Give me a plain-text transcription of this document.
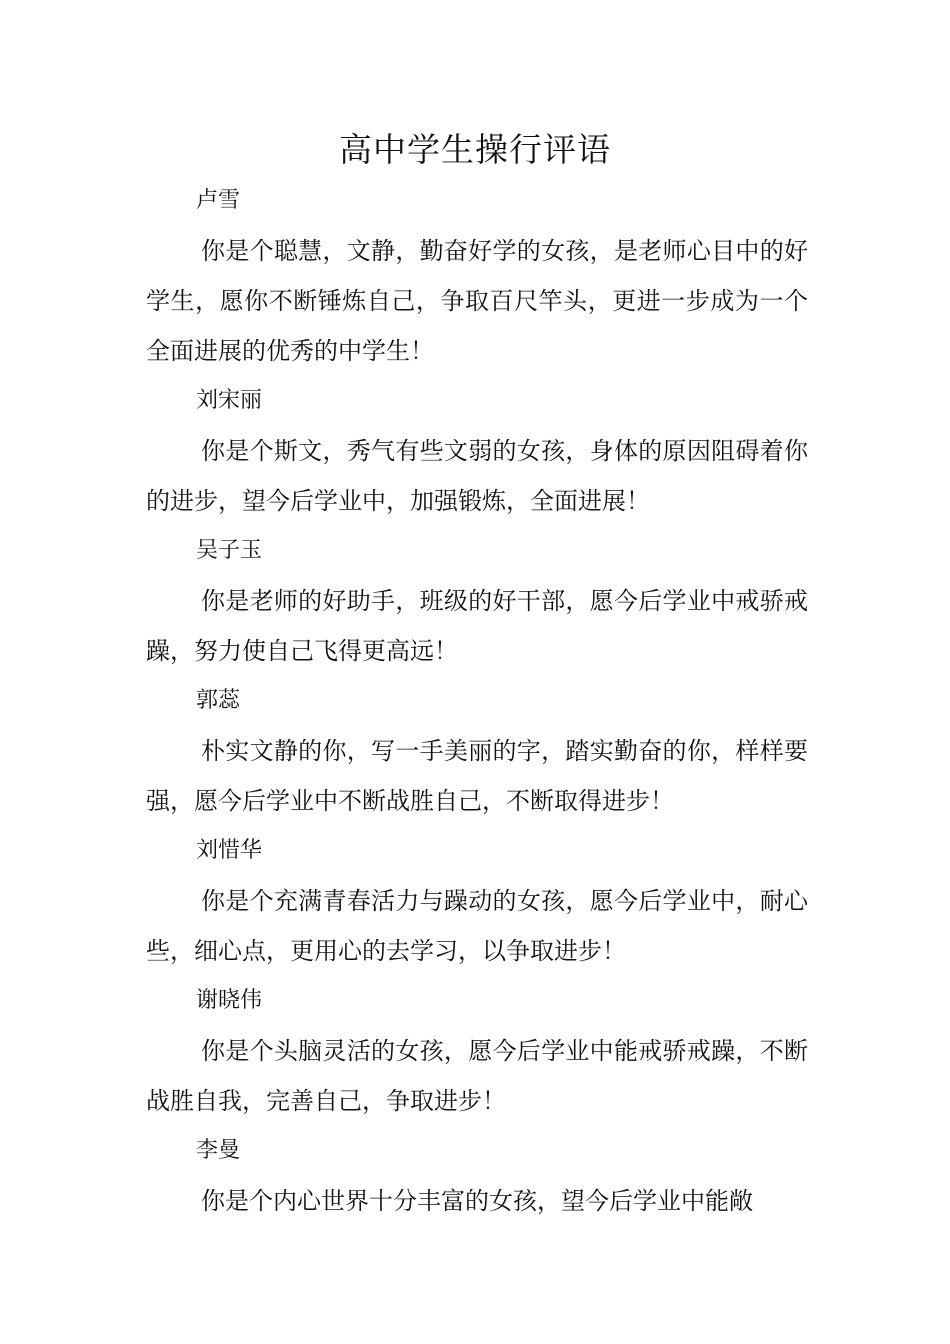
高中学生操行评语

卢雪

你是个聪慧，文静，勤奋好学的女孩，是老师心目中的好学生，愿你不断锤炼自己，争取百尺竿头，更进一步成为一个全面进展的优秀的中学生！

刘宋丽

你是个斯文，秀气有些文弱的女孩，身体的原因阻碍着你的进步，望今后学业中，加强锻炼，全面进展！

吴子玉

你是老师的好助手，班级的好干部，愿今后学业中戒骄戒躁，努力使自己飞得更高远！

郭蕊

朴实文静的你，写一手美丽的字，踏实勤奋的你，样样要强，愿今后学业中不断战胜自己，不断取得进步！

刘惜华

你是个充满青春活力与躁动的女孩，愿今后学业中，耐心些，细心点，更用心的去学习，以争取进步！

谢晓伟

你是个头脑灵活的女孩，愿今后学业中能戒骄戒躁，不断战胜自我，完善自己，争取进步！

李曼

你是个内心世界十分丰富的女孩，望今后学业中能敞
